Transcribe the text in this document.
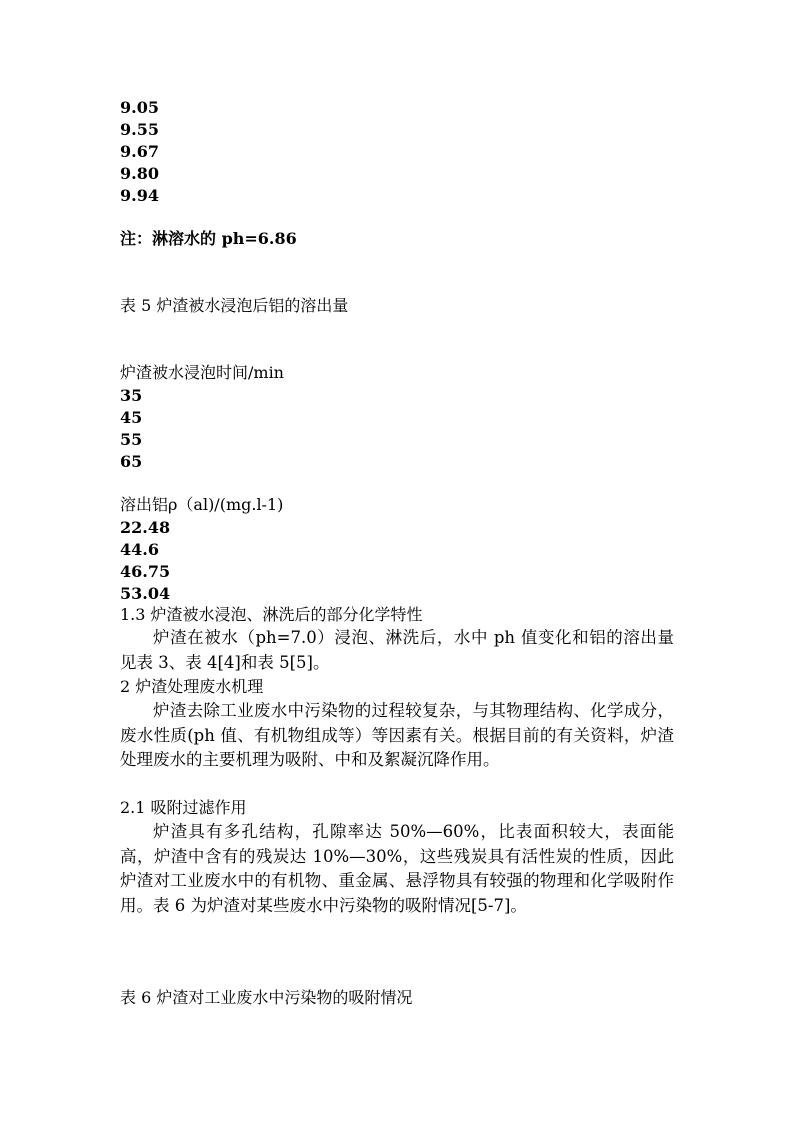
9.05

9.55

9.67

9.80

9.94

注：淋溶水的 ph=6.86

表 5 炉渣被水浸泡后铝的溶出量

炉渣被水浸泡时间/min

35

45

55

65

溶出铝ρ（al)/(mg.l-1)

22.48

44.6

46.75

53.04

1.3 炉渣被水浸泡、淋洗后的部分化学特性

炉渣在被水（ph=7.0）浸泡、淋洗后，水中 ph 值变化和铝的溶出量见表 3、表 4[4]和表 5[5]。

2 炉渣处理废水机理

炉渣去除工业废水中污染物的过程较复杂，与其物理结构、化学成分，废水性质(ph 值、有机物组成等）等因素有关。根据目前的有关资料，炉渣处理废水的主要机理为吸附、中和及絮凝沉降作用。

2.1 吸附过滤作用

炉渣具有多孔结构，孔隙率达 50%—60%，比表面积较大，表面能高，炉渣中含有的残炭达 10%—30%，这些残炭具有活性炭的性质，因此炉渣对工业废水中的有机物、重金属、悬浮物具有较强的物理和化学吸附作用。表 6 为炉渣对某些废水中污染物的吸附情况[5-7]。

表 6 炉渣对工业废水中污染物的吸附情况
